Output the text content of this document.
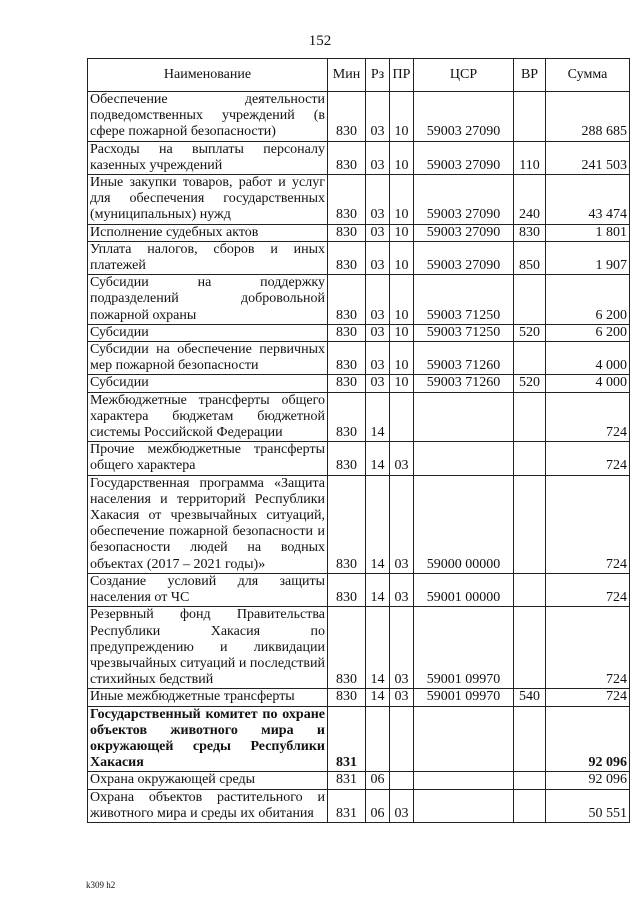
152
Наименование	Мин	Рз	ПР	ЦСР	ВР	Сумма
Обеспечение деятельности подведомственных учреждений (в сфере пожарной безопасности)	830	03	10	59003 27090		288 685
Расходы на выплаты персоналу казенных учреждений	830	03	10	59003 27090	110	241 503
Иные закупки товаров, работ и услуг для обеспечения государственных (муниципальных) нужд	830	03	10	59003 27090	240	43 474
Исполнение судебных актов	830	03	10	59003 27090	830	1 801
Уплата налогов, сборов и иных платежей	830	03	10	59003 27090	850	1 907
Субсидии на поддержку подразделений добровольной пожарной охраны	830	03	10	59003 71250		6 200
Субсидии	830	03	10	59003 71250	520	6 200
Субсидии на обеспечение первичных мер пожарной безопасности	830	03	10	59003 71260		4 000
Субсидии	830	03	10	59003 71260	520	4 000
Межбюджетные трансферты общего характера бюджетам бюджетной системы Российской Федерации	830	14				724
Прочие межбюджетные трансферты общего характера	830	14	03			724
Государственная программа «Защита населения и территорий Республики Хакасия от чрезвычайных ситуаций, обеспечение пожарной безопасности и безопасности людей на водных объектах (2017 – 2021 годы)»	830	14	03	59000 00000		724
Создание условий для защиты населения от ЧС	830	14	03	59001 00000		724
Резервный фонд Правительства Республики Хакасия по предупреждению и ликвидации чрезвычайных ситуаций и последствий стихийных бедствий	830	14	03	59001 09970		724
Иные межбюджетные трансферты	830	14	03	59001 09970	540	724
Государственный комитет по охране объектов животного мира и окружающей среды Республики Хакасия	831					92 096
Охрана окружающей среды	831	06				92 096
Охрана объектов растительного и животного мира и среды их обитания	831	06	03			50 551
k309 h2
